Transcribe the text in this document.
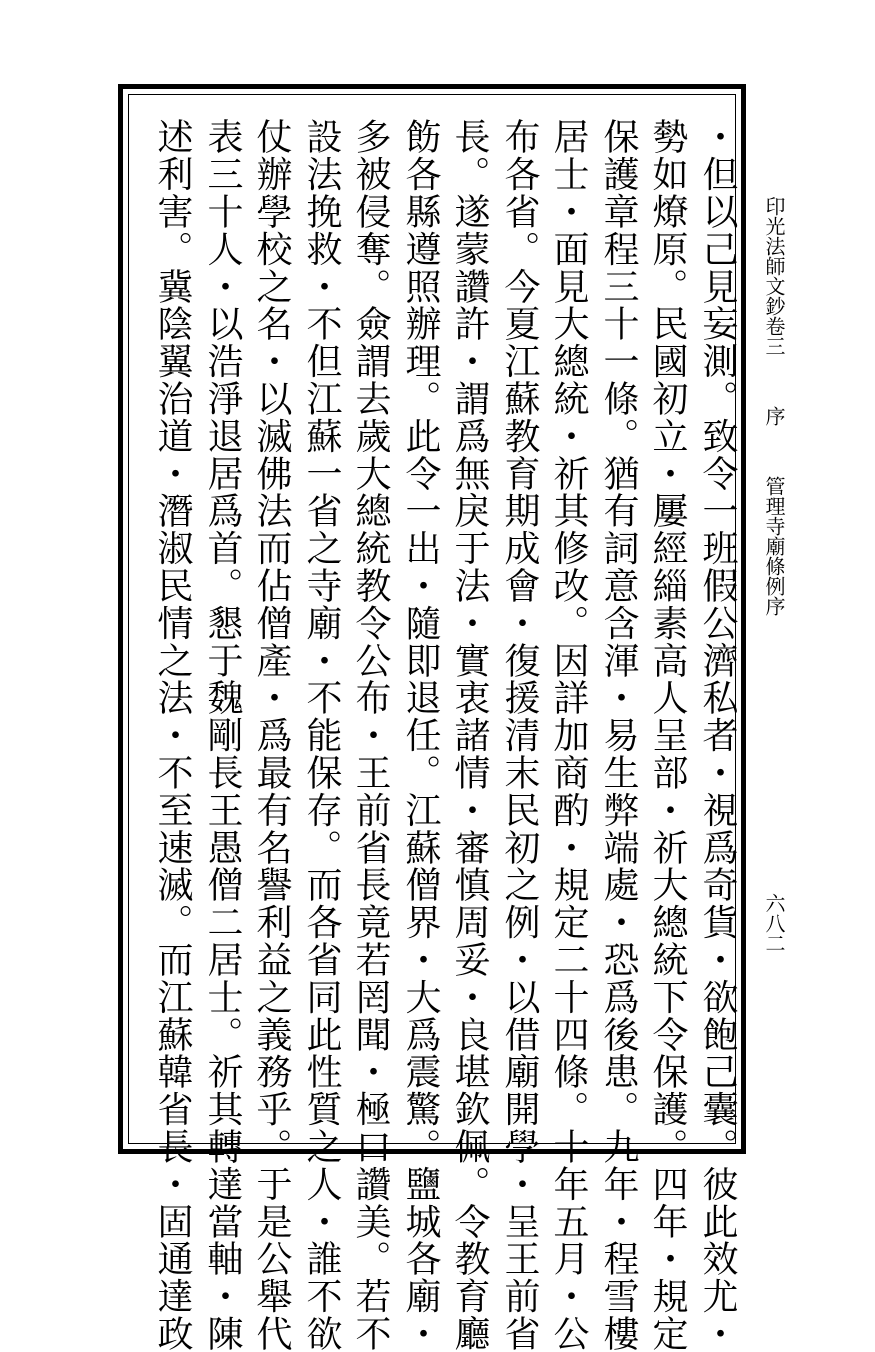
印光法師文鈔卷三 序 管理寺廟條例序
六八二
・但以己見妄測。致令一班假公濟私者・視爲奇貨・欲飽己囊。彼此效尤・
勢如燎原。民國初立・屢經緇素高人呈部・祈大總統下令保護。四年・規定
保護章程三十一條。猶有詞意含渾・易生弊端處・恐爲後患。九年・程雪樓
居士・面見大總統・祈其修改。因詳加商酌・規定二十四條。十年五月・公
布各省。今夏江蘇教育期成會・復援清末民初之例・以借廟開學・呈王前省
長。遂蒙讚許・謂爲無戾于法・實衷諸情・審慎周妥・良堪欽佩。令教育廳
飭各縣遵照辦理。此令一出・隨即退任。江蘇僧界・大爲震驚。鹽城各廟・
多被侵奪。僉謂去歲大總統教令公布・王前省長竟若罔聞・極口讚美。若不
設法挽救・不但江蘇一省之寺廟・不能保存。而各省同此性質之人・誰不欲
仗辦學校之名・以滅佛法而佔僧產・爲最有名譽利益之義務乎。于是公舉代
表三十人・以浩淨退居爲首。懇于魏剛長王愚僧二居士。祈其轉達當軸・陳
述利害。冀陰翼治道・潛淑民情之法・不至速滅。而江蘇韓省長・固通達政
